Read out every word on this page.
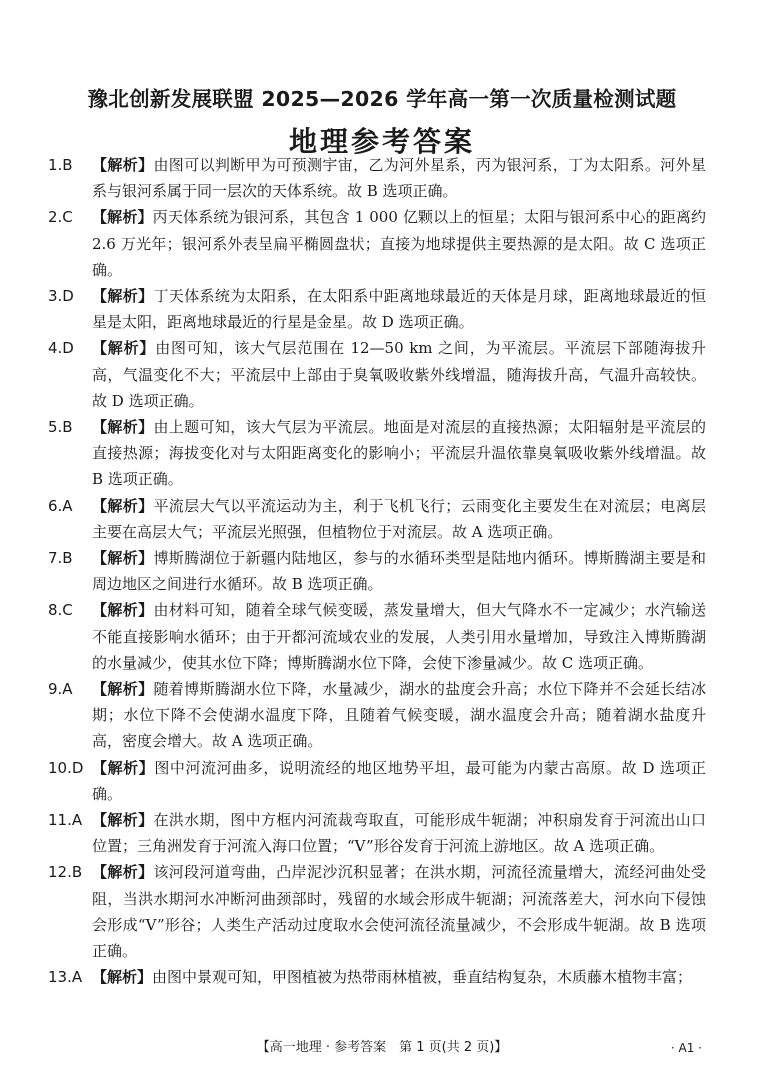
豫北创新发展联盟 2025—2026 学年高一第一次质量检测试题
地理参考答案
1.B	【解析】由图可以判断甲为可预测宇宙，乙为河外星系，丙为银河系，丁为太阳系。河外星系与银河系属于同一层次的天体系统。故 B 选项正确。
2.C	【解析】丙天体系统为银河系，其包含 1 000 亿颗以上的恒星；太阳与银河系中心的距离约 2.6 万光年；银河系外表呈扁平椭圆盘状；直接为地球提供主要热源的是太阳。故 C 选项正确。
3.D	【解析】丁天体系统为太阳系，在太阳系中距离地球最近的天体是月球，距离地球最近的恒星是太阳，距离地球最近的行星是金星。故 D 选项正确。
4.D	【解析】由图可知，该大气层范围在 12—50 km 之间，为平流层。平流层下部随海拔升高，气温变化不大；平流层中上部由于臭氧吸收紫外线增温，随海拔升高，气温升高较快。故 D 选项正确。
5.B	【解析】由上题可知，该大气层为平流层。地面是对流层的直接热源；太阳辐射是平流层的直接热源；海拔变化对与太阳距离变化的影响小；平流层升温依靠臭氧吸收紫外线增温。故 B 选项正确。
6.A	【解析】平流层大气以平流运动为主，利于飞机飞行；云雨变化主要发生在对流层；电离层主要在高层大气；平流层光照强，但植物位于对流层。故 A 选项正确。
7.B	【解析】博斯腾湖位于新疆内陆地区，参与的水循环类型是陆地内循环。博斯腾湖主要是和周边地区之间进行水循环。故 B 选项正确。
8.C	【解析】由材料可知，随着全球气候变暖，蒸发量增大，但大气降水不一定减少；水汽输送不能直接影响水循环；由于开都河流域农业的发展，人类引用水量增加，导致注入博斯腾湖的水量减少，使其水位下降；博斯腾湖水位下降，会使下渗量减少。故 C 选项正确。
9.A	【解析】随着博斯腾湖水位下降，水量减少，湖水的盐度会升高；水位下降并不会延长结冰期；水位下降不会使湖水温度下降，且随着气候变暖，湖水温度会升高；随着湖水盐度升高，密度会增大。故 A 选项正确。
10.D 【解析】图中河流河曲多，说明流经的地区地势平坦，最可能为内蒙古高原。故 D 选项正确。
11.A 【解析】在洪水期，图中方框内河流裁弯取直，可能形成牛轭湖；冲积扇发育于河流出山口位置；三角洲发育于河流入海口位置；“V”形谷发育于河流上游地区。故 A 选项正确。
12.B 【解析】该河段河道弯曲，凸岸泥沙沉积显著；在洪水期，河流径流量增大，流经河曲处受阻，当洪水期河水冲断河曲颈部时，残留的水域会形成牛轭湖；河流落差大，河水向下侵蚀会形成“V”形谷；人类生产活动过度取水会使河流径流量减少，不会形成牛轭湖。故 B 选项正确。
13.A 【解析】由图中景观可知，甲图植被为热带雨林植被，垂直结构复杂，木质藤木植物丰富；
【高一地理 · 参考答案　第 1 页(共 2 页)】	· A1 ·
